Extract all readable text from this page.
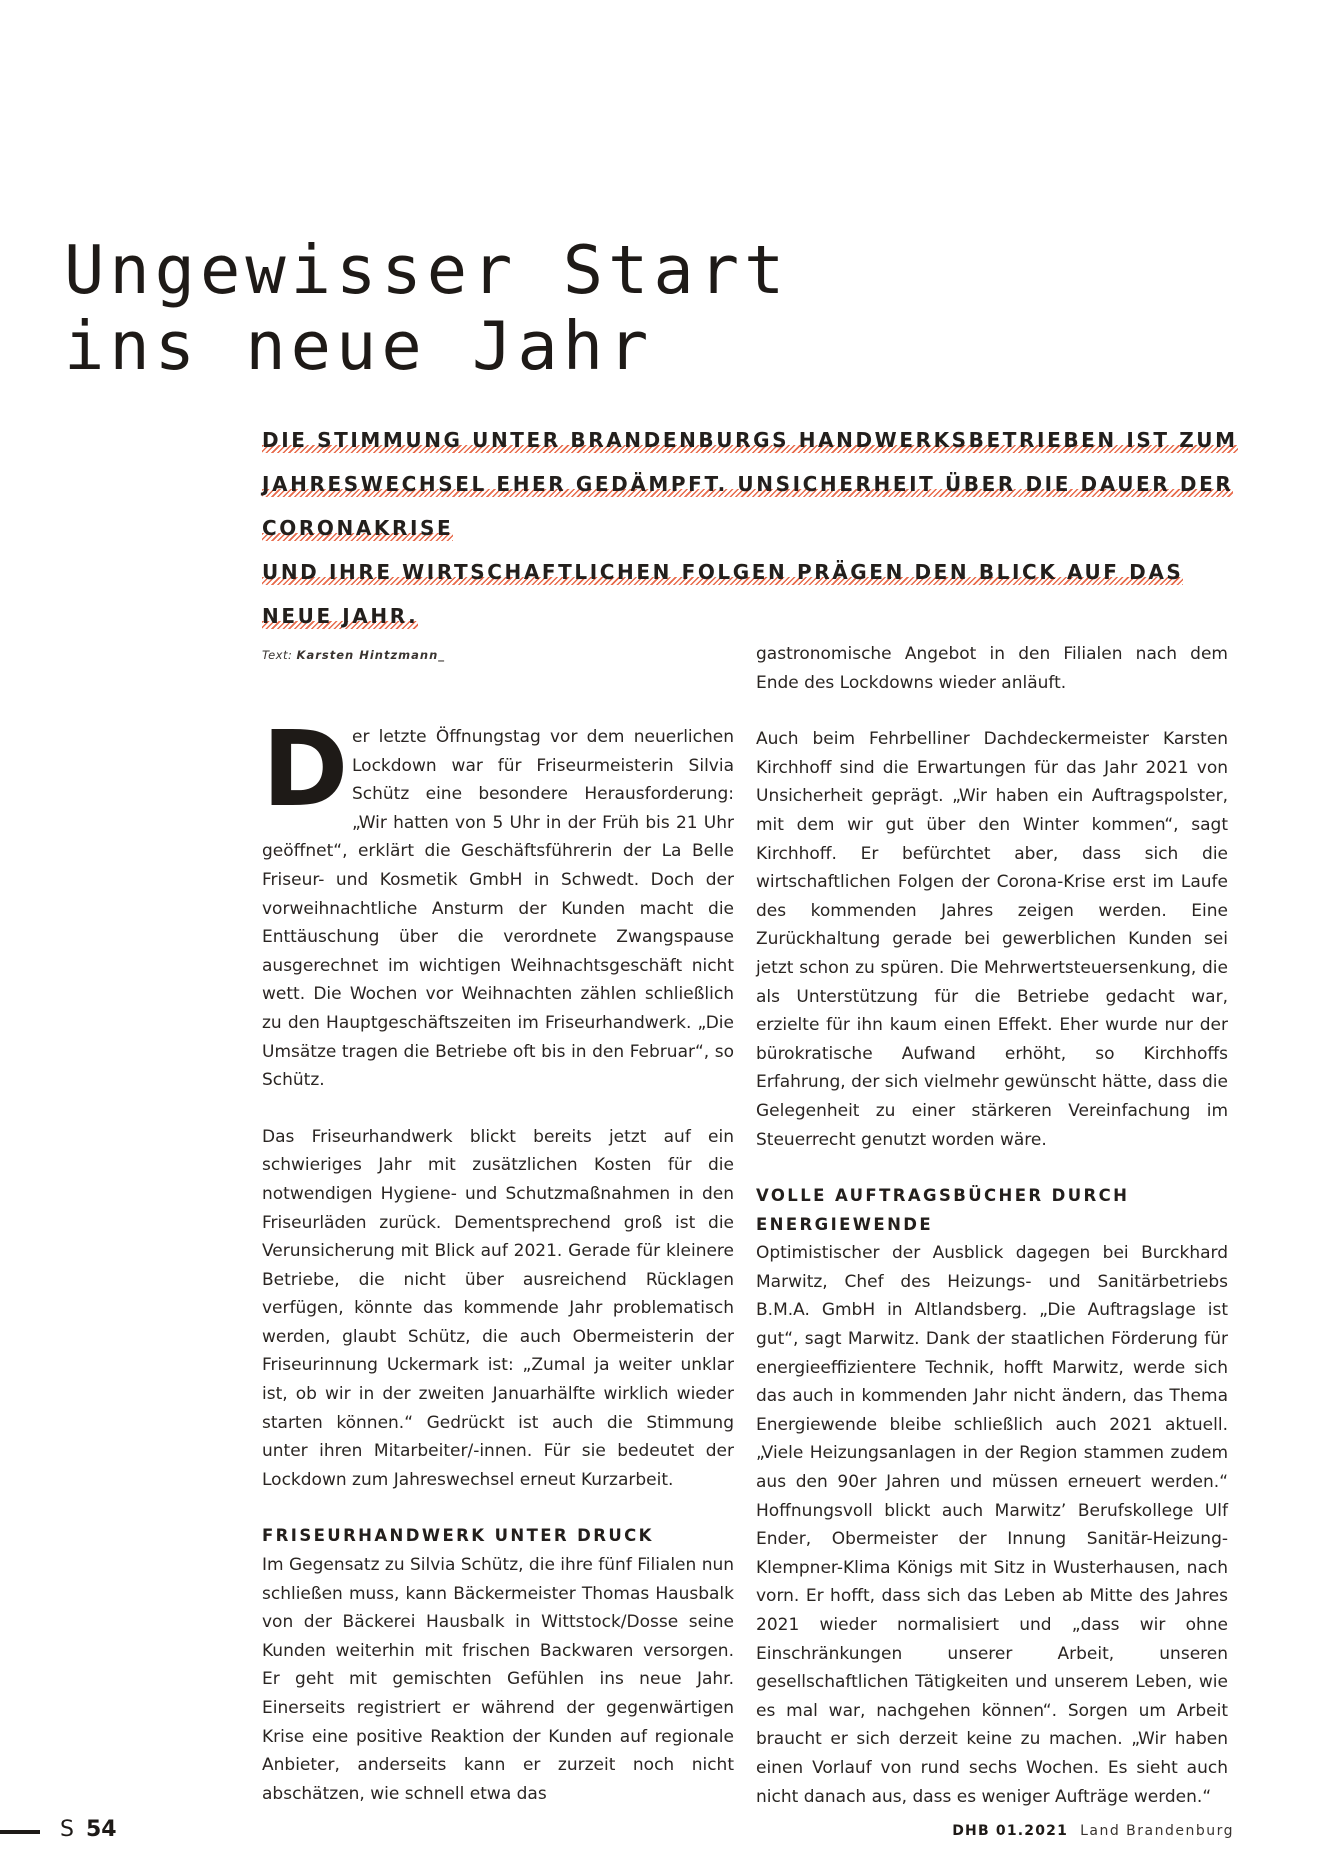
Ungewisser Start
ins neue Jahr

DIE STIMMUNG UNTER BRANDENBURGS HANDWERKSBETRIEBEN IST ZUM
JAHRESWECHSEL EHER GEDÄMPFT. UNSICHERHEIT ÜBER DIE DAUER DER CORONAKRISE
UND IHRE WIRTSCHAFTLICHEN FOLGEN PRÄGEN DEN BLICK AUF DAS NEUE JAHR.

Text: Karsten Hintzmann_

D er letzte Öffnungstag vor dem neuerlichen Lockdown war für Friseurmeisterin Silvia Schütz eine besondere Herausforderung: „Wir hatten von 5 Uhr in der Früh bis 21 Uhr geöffnet“, erklärt die Geschäftsführerin der La Belle Friseur- und Kosmetik GmbH in Schwedt. Doch der vorweihnachtliche Ansturm der Kunden macht die Enttäuschung über die verordnete Zwangspause ausgerechnet im wichtigen Weihnachtsgeschäft nicht wett. Die Wochen vor Weihnachten zählen schließlich zu den Hauptgeschäftszeiten im Friseurhandwerk. „Die Umsätze tragen die Betriebe oft bis in den Februar“, so Schütz.

Das Friseurhandwerk blickt bereits jetzt auf ein schwieriges Jahr mit zusätzlichen Kosten für die notwendigen Hygiene- und Schutzmaßnahmen in den Friseurläden zurück. Dementsprechend groß ist die Verunsicherung mit Blick auf 2021. Gerade für kleinere Betriebe, die nicht über ausreichend Rücklagen verfügen, könnte das kommende Jahr problematisch werden, glaubt Schütz, die auch Obermeisterin der Friseurinnung Uckermark ist: „Zumal ja weiter unklar ist, ob wir in der zweiten Januarhälfte wirklich wieder starten können.“ Gedrückt ist auch die Stimmung unter ihren Mitarbeiter/-innen. Für sie bedeutet der Lockdown zum Jahreswechsel erneut Kurzarbeit.

FRISEURHANDWERK UNTER DRUCK

Im Gegensatz zu Silvia Schütz, die ihre fünf Filialen nun schließen muss, kann Bäckermeister Thomas Hausbalk von der Bäckerei Hausbalk in Wittstock/Dosse seine Kunden weiterhin mit frischen Backwaren versorgen. Er geht mit gemischten Gefühlen ins neue Jahr. Einerseits registriert er während der gegenwärtigen Krise eine positive Reaktion der Kunden auf regionale Anbieter, anderseits kann er zurzeit noch nicht abschätzen, wie schnell etwa das

gastronomische Angebot in den Filialen nach dem Ende des Lockdowns wieder anläuft.

Auch beim Fehrbelliner Dachdeckermeister Karsten Kirchhoff sind die Erwartungen für das Jahr 2021 von Unsicherheit geprägt. „Wir haben ein Auftragspolster, mit dem wir gut über den Winter kommen“, sagt Kirchhoff. Er befürchtet aber, dass sich die wirtschaftlichen Folgen der Corona-Krise erst im Laufe des kommenden Jahres zeigen werden. Eine Zurückhaltung gerade bei gewerblichen Kunden sei jetzt schon zu spüren. Die Mehrwertsteuersenkung, die als Unterstützung für die Betriebe gedacht war, erzielte für ihn kaum einen Effekt. Eher wurde nur der bürokratische Aufwand erhöht, so Kirchhoffs Erfahrung, der sich vielmehr gewünscht hätte, dass die Gelegenheit zu einer stärkeren Vereinfachung im Steuerrecht genutzt worden wäre.

VOLLE AUFTRAGSBÜCHER DURCH ENERGIEWENDE

Optimistischer der Ausblick dagegen bei Burckhard Marwitz, Chef des Heizungs- und Sanitärbetriebs B.M.A. GmbH in Altlandsberg. „Die Auftragslage ist gut“, sagt Marwitz. Dank der staatlichen Förderung für energieeffizientere Technik, hofft Marwitz, werde sich das auch in kommenden Jahr nicht ändern, das Thema Energiewende bleibe schließlich auch 2021 aktuell. „Viele Heizungsanlagen in der Region stammen zudem aus den 90er Jahren und müssen erneuert werden.“ Hoffnungsvoll blickt auch Marwitz’ Berufskollege Ulf Ender, Obermeister der Innung Sanitär-Heizung-Klempner-Klima Königs mit Sitz in Wusterhausen, nach vorn. Er hofft, dass sich das Leben ab Mitte des Jahres 2021 wieder normalisiert und „dass wir ohne Einschränkungen unserer Arbeit, unseren gesellschaftlichen Tätigkeiten und unserem Leben, wie es mal war, nachgehen können“. Sorgen um Arbeit braucht er sich derzeit keine zu machen. „Wir haben einen Vorlauf von rund sechs Wochen. Es sieht auch nicht danach aus, dass es weniger Aufträge werden.“

S 54	DHB 01.2021 Land Brandenburg
